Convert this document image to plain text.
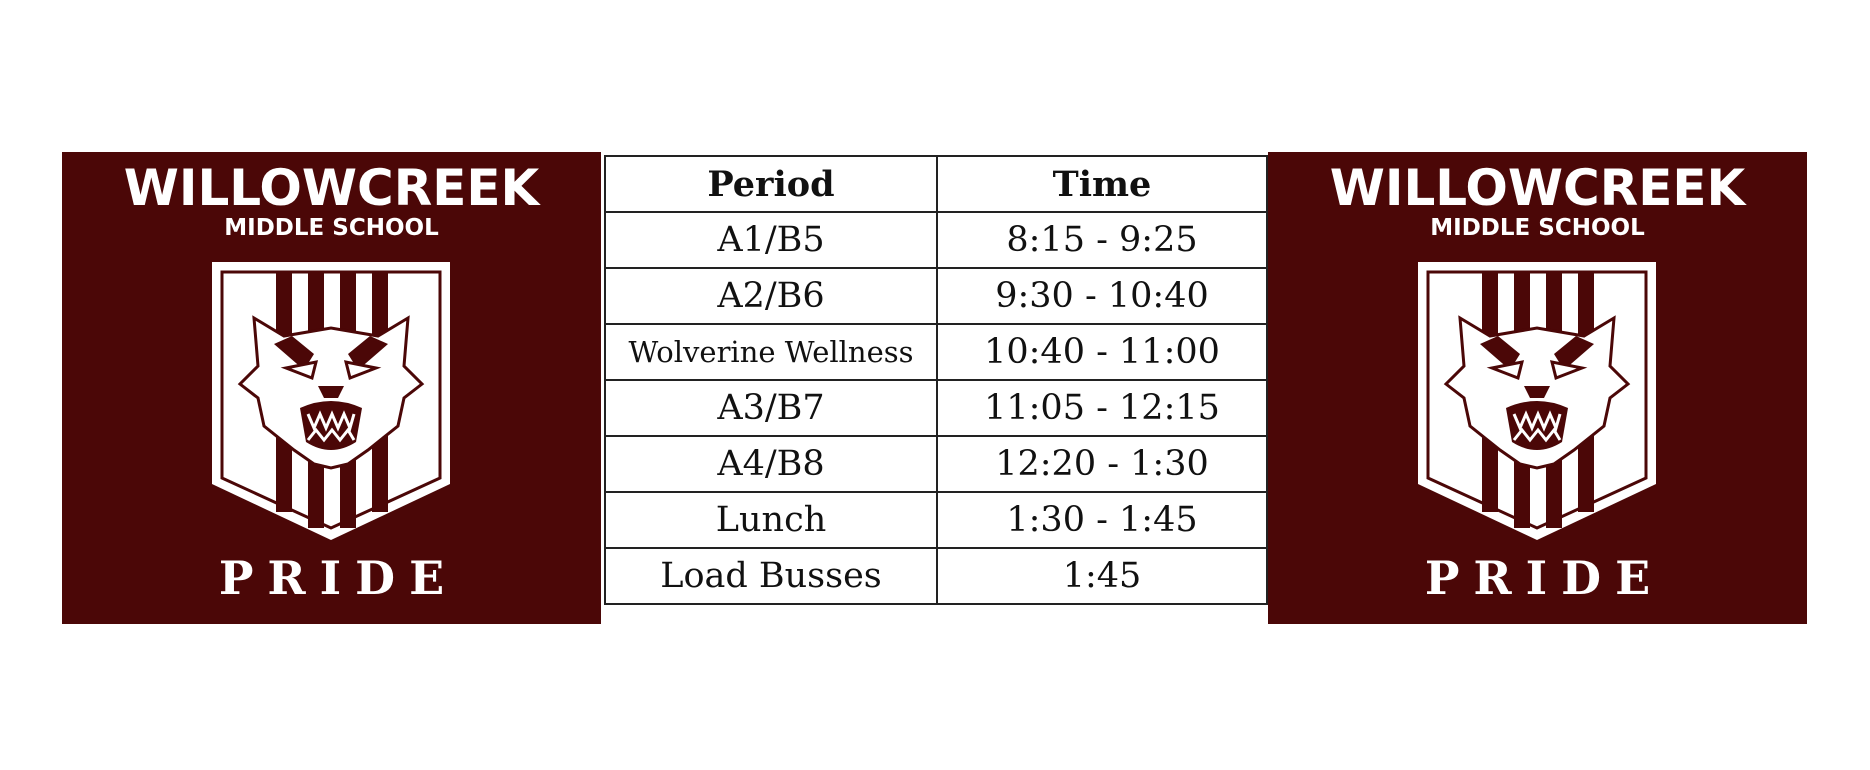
WILLOWCREEK
MIDDLE SCHOOL
PRIDE
Period	Time
A1/B5	8:15 - 9:25
A2/B6	9:30 - 10:40
Wolverine Wellness	10:40 - 11:00
A3/B7	11:05 - 12:15
A4/B8	12:20 - 1:30
Lunch	1:30 - 1:45
Load Busses	1:45
WILLOWCREEK
MIDDLE SCHOOL
PRIDE
